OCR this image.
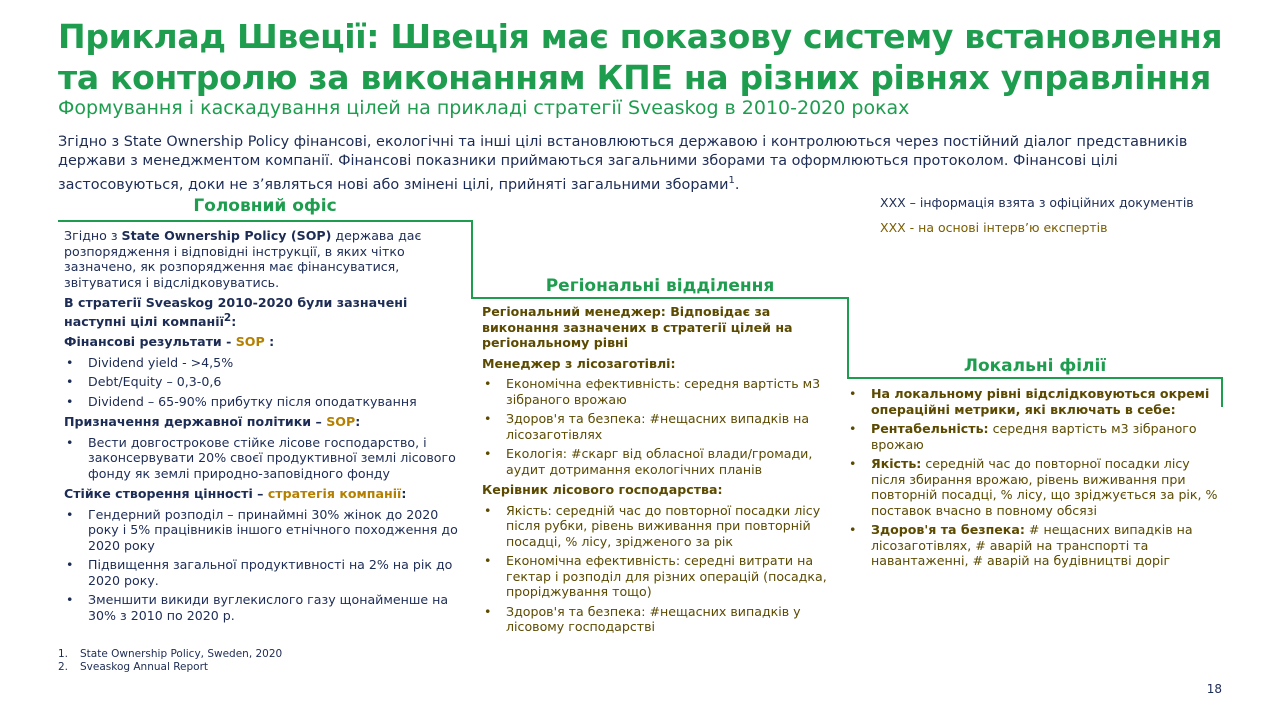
Приклад Швеції: Швеція має показову систему встановлення та контролю за виконанням КПЕ на різних рівнях управління
Формування і каскадування цілей на прикладі стратегії Sveaskog в 2010-2020 роках
Згідно з State Ownership Policy фінансові, екологічні та інші цілі встановлюються державою і контролюються через постійний діалог представників держави з менеджментом компанії. Фінансові показники приймаються загальними зборами та оформлюються протоколом. Фінансові цілі застосовуються, доки не з’являться нові або змінені цілі, прийняті загальними зборами$^1$.
XXX – інформація взята з офіційних документів
XXX - на основі інтерв’ю експертів
Головний офіс
Регіональні відділення
Локальні філії

Згідно з State Ownership Policy (SOP) держава дає розпорядження і відповідні інструкції, в яких чітко зазначено, як розпорядження має фінансуватися, звітуватися і відслідковуватись.

В стратегії Sveaskog 2010-2020 були зазначені наступні цілі компанії$^2$:

Фінансові результати - SOP :

• Dividend yield - >4,5%
• Debt/Equity – 0,3-0,6
• Dividend – 65-90% прибутку після оподаткування

Призначення державної політики – SOP:

• Вести довгострокове стійке лісове господарство, і законсервувати 20% своєї продуктивної землі лісового фонду як землі природно-заповідного фонду

Стійке створення цінності – стратегія компанії:

• Гендерний розподіл – принаймні 30% жінок до 2020 року і 5% працівників іншого етнічного походження до 2020 року
• Підвищення загальної продуктивності на 2% на рік до 2020 року.
• Зменшити викиди вуглекислого газу щонайменше на 30% з 2010 по 2020 р.

Регіональний менеджер: Відповідає за виконання зазначених в стратегії цілей на регіональному рівні

Менеджер з лісозаготівлі:

• Економічна ефективність: середня вартість м3 зібраного врожаю
• Здоров'я та безпека: #нещасних випадків на лісозаготівлях
• Екологія: #скарг від обласної влади/громади, аудит дотримання екологічних планів

Керівник лісового господарства:

• Якість: середній час до повторної посадки лісу після рубки, рівень виживання при повторній посадці, % лісу, зрідженого за рік
• Економічна ефективність: середні витрати на гектар і розподіл для різних операцій (посадка, проріджування тощо)
• Здоров'я та безпека: #нещасних випадків у лісовому господарстві
• На локальному рівні відслідковуються окремі операційні метрики, які включать в себе:
• Рентабельність: середня вартість м3 зібраного врожаю
• Якість: середній час до повторної посадки лісу після збирання врожаю, рівень виживання при повторній посадці, % лісу, що зріджується за рік, % поставок вчасно в повному обсязі
• Здоров'я та безпека: # нещасних випадків на лісозаготівлях, # аварій на транспорті та навантаженні, # аварій на будівництві доріг
1.	State Ownership Policy, Sweden, 2020
2.	Sveaskog Annual Report
18
